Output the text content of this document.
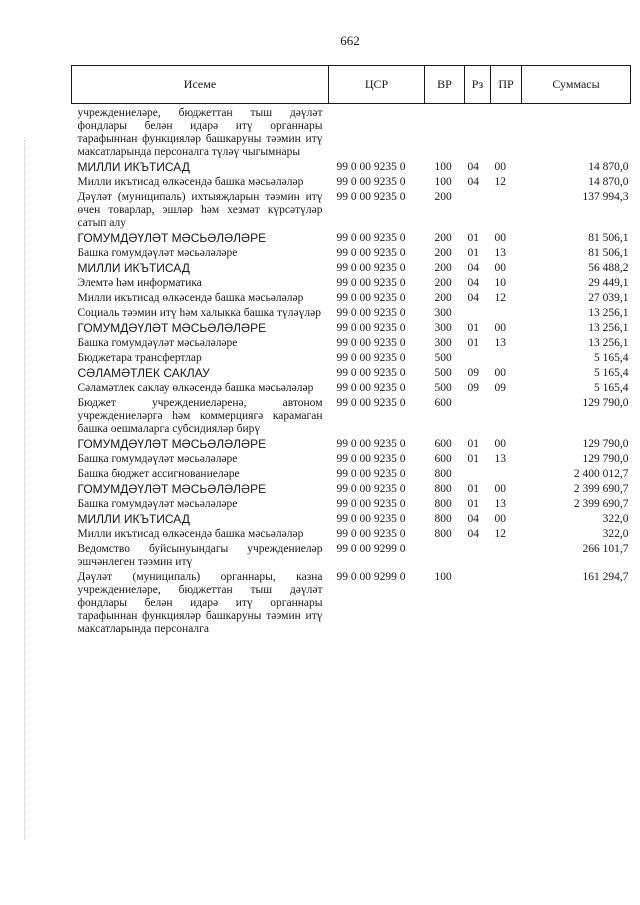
662
Исеме	ЦСР	ВР	Рз	ПР	Суммасы

учреждениеләре, бюджеттан тыш дәүләт фондлары белән идарә итү органнары тарафыннан функцияләр башкаруны тәэмин итү максатларында персоналга түләү чыгымнары					
МИЛЛИ ИКЪТИСАД	99 0 00 9235 0	100	04	00	14 870,0
Милли икътисад өлкәсендә башка мәсьәләләр	99 0 00 9235 0	100	04	12	14 870,0
Дәүләт (муниципаль) ихтыяҗларын тәэмин итү өчен товарлар, эшләр һәм хезмәт күрсәтүләр сатып алу	99 0 00 9235 0	200			137 994,3
ГОМУМДӘҮЛӘТ МӘСЬӘЛӘЛӘРЕ	99 0 00 9235 0	200	01	00	81 506,1
Башка гомумдәүләт мәсьәләләре	99 0 00 9235 0	200	01	13	81 506,1
МИЛЛИ ИКЪТИСАД	99 0 00 9235 0	200	04	00	56 488,2
Элемтә һәм информатика	99 0 00 9235 0	200	04	10	29 449,1
Милли икътисад өлкәсендә башка мәсьәләләр	99 0 00 9235 0	200	04	12	27 039,1
Социаль тәэмин итү һәм халыкка башка түләүләр	99 0 00 9235 0	300			13 256,1
ГОМУМДӘҮЛӘТ МӘСЬӘЛӘЛӘРЕ	99 0 00 9235 0	300	01	00	13 256,1
Башка гомумдәүләт мәсьәләләре	99 0 00 9235 0	300	01	13	13 256,1
Бюджетара трансфертлар	99 0 00 9235 0	500			5 165,4
СӘЛАМӘТЛЕК САКЛАУ	99 0 00 9235 0	500	09	00	5 165,4
Сәламәтлек саклау өлкәсендә башка мәсьәләләр	99 0 00 9235 0	500	09	09	5 165,4
Бюджет учреждениеләренә, автоном учреждениеләргә һәм коммерциягә карамаган башка оешмаларга субсидияләр бирү	99 0 00 9235 0	600			129 790,0
ГОМУМДӘҮЛӘТ МӘСЬӘЛӘЛӘРЕ	99 0 00 9235 0	600	01	00	129 790,0
Башка гомумдәүләт мәсьәләләре	99 0 00 9235 0	600	01	13	129 790,0
Башка бюджет ассигнованиеләре	99 0 00 9235 0	800			2 400 012,7
ГОМУМДӘҮЛӘТ МӘСЬӘЛӘЛӘРЕ	99 0 00 9235 0	800	01	00	2 399 690,7
Башка гомумдәүләт мәсьәләләре	99 0 00 9235 0	800	01	13	2 399 690,7
МИЛЛИ ИКЪТИСАД	99 0 00 9235 0	800	04	00	322,0
Милли икътисад өлкәсендә башка мәсьәләләр	99 0 00 9235 0	800	04	12	322,0
Ведомство буйсынуындагы учреждениеләр эшчәнлеген тәэмин итү	99 0 00 9299 0				266 101,7
Дәүләт (муниципаль) органнары, казна учреждениеләре, бюджеттан тыш дәүләт фондлары белән идарә итү органнары тарафыннан функцияләр башкаруны тәэмин итү максатларында персоналга	99 0 00 9299 0	100			161 294,7
